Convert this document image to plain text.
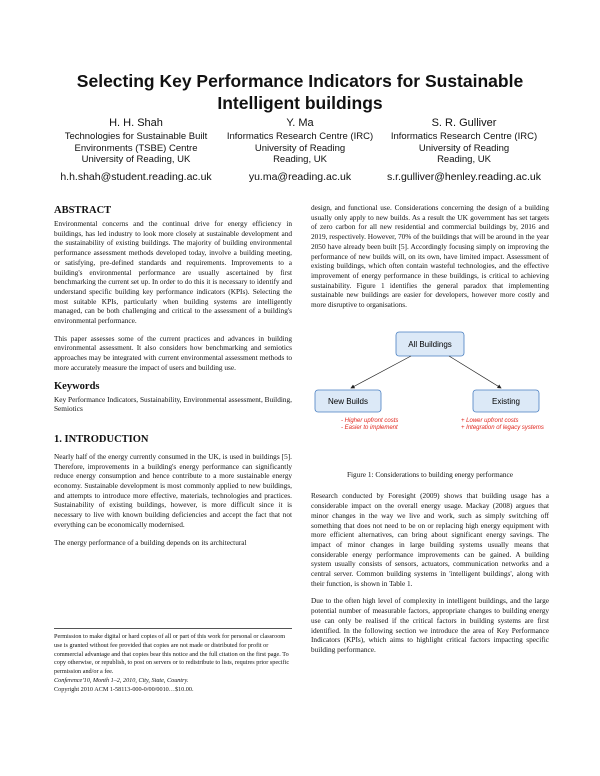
Selecting Key Performance Indicators for Sustainable
Intelligent buildings
H. H. Shah
Technologies for Sustainable Built
Environments (TSBE) Centre
University of Reading, UK
h.h.shah@student.reading.ac.uk
Y. Ma
Informatics Research Centre (IRC)
University of Reading
Reading, UK
yu.ma@reading.ac.uk
S. R. Gulliver
Informatics Research Centre (IRC)
University of Reading
Reading, UK
s.r.gulliver@henley.reading.ac.uk
ABSTRACT

Environmental concerns and the continual drive for energy efficiency in buildings, has led industry to look more closely at sustainable development and the sustainability of existing buildings. The majority of building environmental performance assessment methods developed today, involve a building meeting, or satisfying, pre-defined standards and requirements. Improvements to a building's environmental performance are usually ascertained by first benchmarking the current set up. In order to do this it is necessary to identify and understand specific building key performance indicators (KPIs). Selecting the most suitable KPIs, particularly when building systems are intelligently managed, can be both challenging and critical to the assessment of a building's environmental performance.

This paper assesses some of the current practices and advances in building environmental assessment. It also considers how benchmarking and semiotics approaches may be integrated with current environmental assessment methods to more accurately measure the impact of users and building use.

Keywords

Key Performance Indicators, Sustainability, Environmental assessment, Building, Semiotics

1. INTRODUCTION

Nearly half of the energy currently consumed in the UK, is used in buildings [5]. Therefore, improvements in a building's energy performance can significantly reduce energy consumption and hence contribute to a more sustainable energy economy. Sustainable development is most commonly applied to new buildings, and attempts to introduce more effective, materials, technologies and practices. Sustainability of existing buildings, however, is more difficult since it is necessary to live with known building deficiencies and accept the fact that not everything can be economically modernised.

The energy performance of a building depends on its architectural

design, and functional use. Considerations concerning the design of a building usually only apply to new builds. As a result the UK government has set targets of zero carbon for all new residential and commercial buildings by, 2016 and 2019, respectively. However, 70% of the buildings that will be around in the year 2050 have already been built [5]. Accordingly focusing simply on improving the performance of new builds will, on its own, have limited impact. Assessment of existing buildings, which often contain wasteful technologies, and the effective improvement of energy performance in these buildings, is critical to achieving sustainability. Figure 1 identifies the general paradox that implementing sustainable new buildings are easier for developers, however more costly and more disruptive to organisations.

All Buildings
New Builds	Existing
- Higher upfront costs
- Easier to implement
+ Lower upfront costs
+ Integration of legacy systems
Figure 1: Considerations to building energy performance

Research conducted by Foresight (2009) shows that building usage has a considerable impact on the overall energy usage. Mackay (2008) argues that minor changes in the way we live and work, such as simply switching off something that does not need to be on or replacing high energy equipment with more efficient alternatives, can bring about significant energy savings. The impact of minor changes in large building systems usually means that considerable energy performance improvements can be gained. A building system usually consists of sensors, actuators, communication networks and a central server. Common building systems in 'intelligent buildings', along with their function, is shown in Table 1.

Due to the often high level of complexity in intelligent buildings, and the large potential number of measurable factors, appropriate changes to building energy use can only be realised if the critical factors in building systems are first identified. In the following section we introduce the area of Key Performance Indicators (KPIs), which aims to highlight critical factors impacting specific building performance.

Permission to make digital or hard copies of all or part of this work for personal or classroom use is granted without fee provided that copies are not made or distributed for profit or commercial advantage and that copies bear this notice and the full citation on the first page. To copy otherwise, or republish, to post on servers or to redistribute to lists, requires prior specific permission and/or a fee.

Conference'10, Month 1–2, 2010, City, State, Country.

Copyright 2010 ACM 1-58113-000-0/00/0010…$10.00.
